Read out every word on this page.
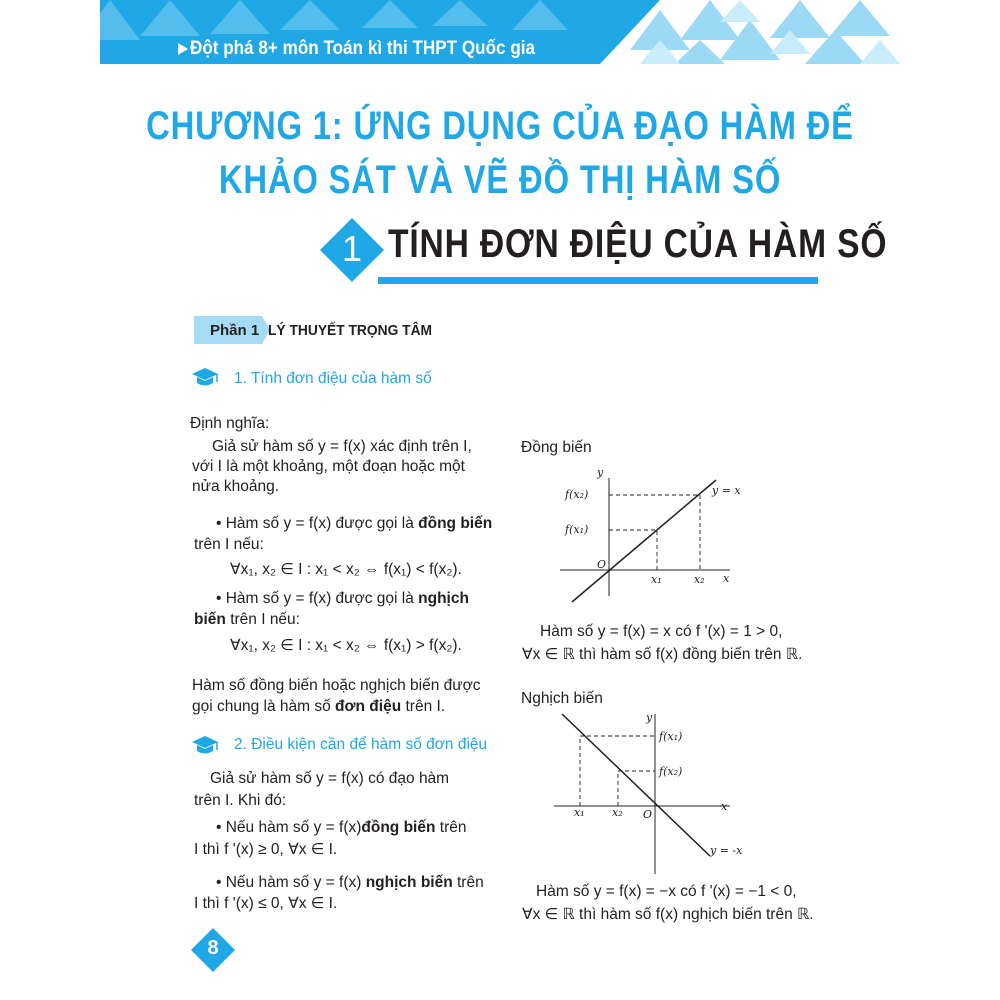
Đột phá 8+ môn Toán kì thi THPT Quốc gia
CHƯƠNG 1: ỨNG DỤNG CỦA ĐẠO HÀM ĐỂ
KHẢO SÁT VÀ VẼ ĐỒ THỊ HÀM SỐ
1 TÍNH ĐƠN ĐIỆU CỦA HÀM SỐ
Phần 1 LÝ THUYẾT TRỌNG TÂM
1. Tính đơn điệu của hàm số
Định nghĩa:
Giả sử hàm số y = f(x) xác định trên I,
với I là một khoảng, một đoạn hoặc một
nửa khoảng.
• Hàm số y = f(x) được gọi là đồng biến
trên I nếu:
∀x₁, x₂ ∈ I : x₁ < x₂ ⇔ f(x₁) < f(x₂).
• Hàm số y = f(x) được gọi là nghịch
biến trên I nếu:
∀x₁, x₂ ∈ I : x₁ < x₂ ⇔ f(x₁) > f(x₂).
Hàm số đồng biến hoặc nghịch biến được
gọi chung là hàm số đơn điệu trên I.
2. Điều kiện cần để hàm số đơn điệu
Giả sử hàm số y = f(x) có đạo hàm
trên I. Khi đó:
• Nếu hàm số y = f(x)đồng biến trên
I thì f '(x) ≥ 0, ∀x ∈ I.
• Nếu hàm số y = f(x) nghịch biến trên
I thì f '(x) ≤ 0, ∀x ∈ I.
Đồng biến
y
x
O
y = x
f(x₂)
f(x₁)
x₁	x₂
Hàm số y = f(x) = x có f '(x) = 1 > 0,
∀x ∈ ℝ thì hàm số f(x) đồng biến trên ℝ.
Nghịch biến
y
x
O
y = -x
f(x₁)
f(x₂)
x₁ x₂
Hàm số y = f(x) = −x có f '(x) = −1 < 0,
∀x ∈ ℝ thì hàm số f(x) nghịch biến trên ℝ.
8
